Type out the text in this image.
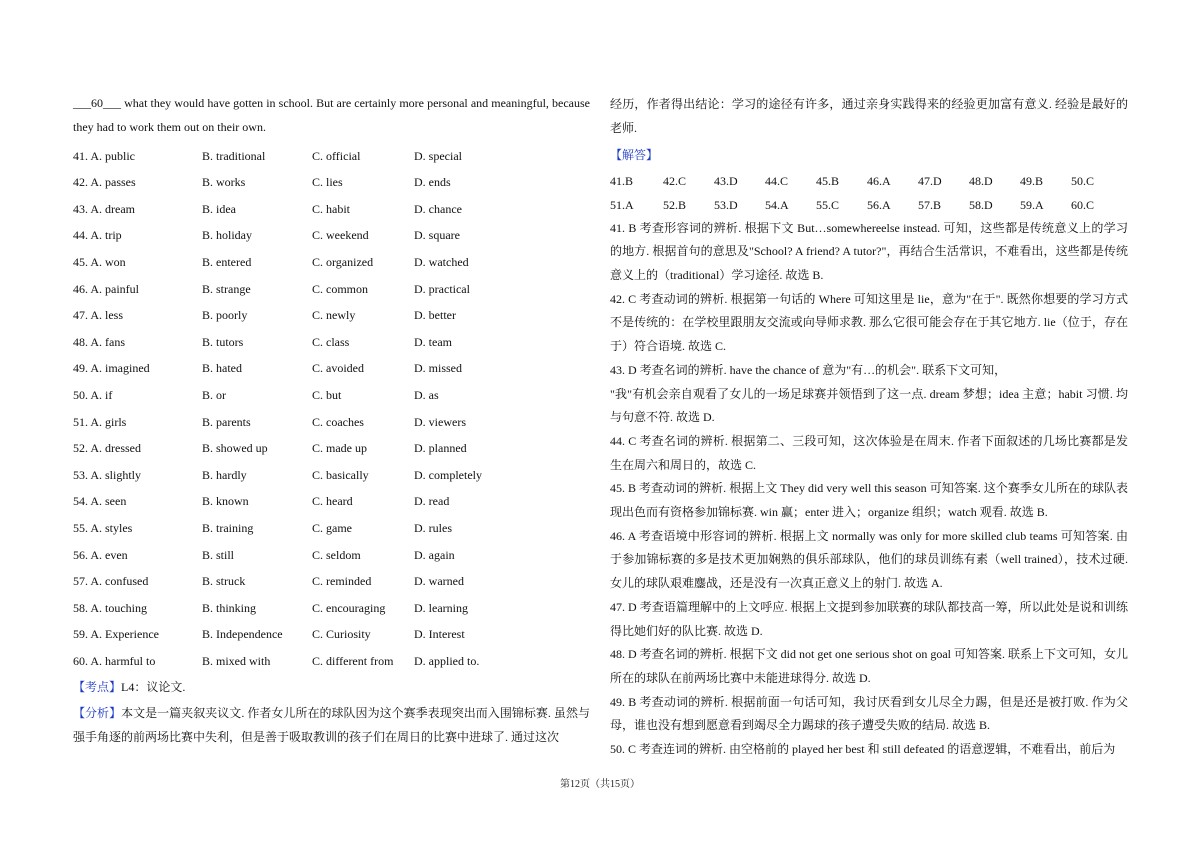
___60___ what they would have gotten in school. But are certainly more personal and meaningful, because they had to work them out on their own.
41. A. public	B. traditional	C. official	D. special
42. A. passes	B. works	C. lies	D. ends
43. A. dream	B. idea	C. habit	D. chance
44. A. trip	B. holiday	C. weekend	D. square
45. A. won	B. entered	C. organized	D. watched
46. A. painful	B. strange	C. common	D. practical
47. A. less	B. poorly	C. newly	D. better
48. A. fans	B. tutors	C. class	D. team
49. A. imagined	B. hated	C. avoided	D. missed
50. A. if	B. or	C. but	D. as
51. A. girls	B. parents	C. coaches	D. viewers
52. A. dressed	B. showed up	C. made up	D. planned
53. A. slightly	B. hardly	C. basically	D. completely
54. A. seen	B. known	C. heard	D. read
55. A. styles	B. training	C. game	D. rules
56. A. even	B. still	C. seldom	D. again
57. A. confused	B. struck	C. reminded	D. warned
58. A. touching	B. thinking	C. encouraging D. learning
59. A. Experience	B. Independence C. Curiosity	D. Interest
60. A. harmful to	B. mixed with	C. different from D. applied to.
【考点】L4：议论文.
【分析】本文是一篇夹叙夹议文. 作者女儿所在的球队因为这个赛季表现突出而入围锦标赛. 虽然与强手角逐的前两场比赛中失利，但是善于吸取教训的孩子们在周日的比赛中进球了. 通过这次
经历，作者得出结论：学习的途径有许多，通过亲身实践得来的经验更加富有意义. 经验是最好的老师.
【解答】
41.B 42.C 43.D 44.C 45.B 46.A 47.D 48.D 49.B 50.C
51.A 52.B 53.D 54.A 55.C 56.A 57.B 58.D 59.A 60.C
41. B 考查形容词的辨析. 根据下文 But…somewhereelse instead. 可知，这些都是传统意义上的学习的地方. 根据首句的意思及"School? A friend? A tutor?"，再结合生活常识，不难看出，这些都是传统意义上的（traditional）学习途径. 故选 B.
42. C 考查动词的辨析. 根据第一句话的 Where 可知这里是 lie，意为"在于". 既然你想要的学习方式不是传统的：在学校里跟朋友交流或向导师求教. 那么它很可能会存在于其它地方. lie（位于，存在于）符合语境. 故选 C.
43. D 考查名词的辨析. have the chance of 意为"有…的机会". 联系下文可知，
"我"有机会亲自观看了女儿的一场足球赛并领悟到了这一点. dream 梦想；idea 主意；habit 习惯. 均与句意不符. 故选 D.
44. C 考查名词的辨析. 根据第二、三段可知，这次体验是在周末. 作者下面叙述的几场比赛都是发生在周六和周日的，故选 C.
45. B 考查动词的辨析. 根据上文 They did very well this season 可知答案. 这个赛季女儿所在的球队表现出色而有资格参加锦标赛. win 赢；enter 进入；organize 组织；watch 观看. 故选 B.
46. A 考查语境中形容词的辨析. 根据上文 normally was only for more skilled club teams 可知答案. 由于参加锦标赛的多是技术更加娴熟的俱乐部球队，他们的球员训练有素（well trained），技术过硬. 女儿的球队艰难鏖战，还是没有一次真正意义上的射门. 故选 A.
47. D 考查语篇理解中的上文呼应. 根据上文提到参加联赛的球队都技高一筹，所以此处是说和训练得比她们好的队比赛. 故选 D.
48. D 考查名词的辨析. 根据下文 did not get one serious shot on goal 可知答案. 联系上下文可知，女儿所在的球队在前两场比赛中未能进球得分. 故选 D.
49. B 考查动词的辨析. 根据前面一句话可知，我讨厌看到女儿尽全力踢，但是还是被打败. 作为父母，谁也没有想到愿意看到竭尽全力踢球的孩子遭受失败的结局. 故选 B.
50. C 考查连词的辨析. 由空格前的 played her best 和 still defeated 的语意逻辑，不难看出，前后为
第12页（共15页）
